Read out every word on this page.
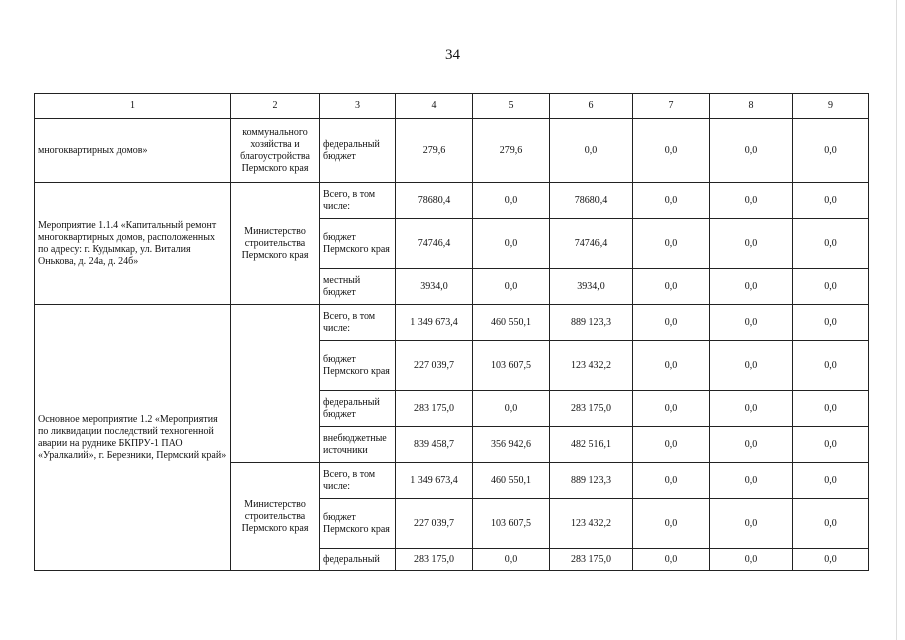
34
1	2	3	4	5	6	7	8	9
многоквартирных домов»	коммунального хозяйства и благоустройства Пермского края	федеральный бюджет	279,6	279,6	0,0	0,0	0,0	0,0
Мероприятие 1.1.4 «Капитальный ремонт многоквартирных домов, расположенных по адресу: г. Кудымкар, ул. Виталия Онькова, д. 24а, д. 24б»	Министерство строительства Пермского края	Всего, в том числе:	78680,4	0,0	78680,4	0,0	0,0	0,0
		бюджет Пермского края	74746,4	0,0	74746,4	0,0	0,0	0,0
		местный бюджет	3934,0	0,0	3934,0	0,0	0,0	0,0
Основное мероприятие 1.2 «Мероприятия по ликвидации последствий техногенной аварии на руднике БКПРУ-1 ПАО «Уралкалий», г. Березники, Пермский край»		Всего, в том числе:	1 349 673,4	460 550,1	889 123,3	0,0	0,0	0,0
		бюджет Пермского края	227 039,7	103 607,5	123 432,2	0,0	0,0	0,0
		федеральный бюджет	283 175,0	0,0	283 175,0	0,0	0,0	0,0
		внебюджетные источники	839 458,7	356 942,6	482 516,1	0,0	0,0	0,0
	Министерство строительства Пермского края	Всего, в том числе:	1 349 673,4	460 550,1	889 123,3	0,0	0,0	0,0
		бюджет Пермского края	227 039,7	103 607,5	123 432,2	0,0	0,0	0,0
		федеральный	283 175,0	0,0	283 175,0	0,0	0,0	0,0
